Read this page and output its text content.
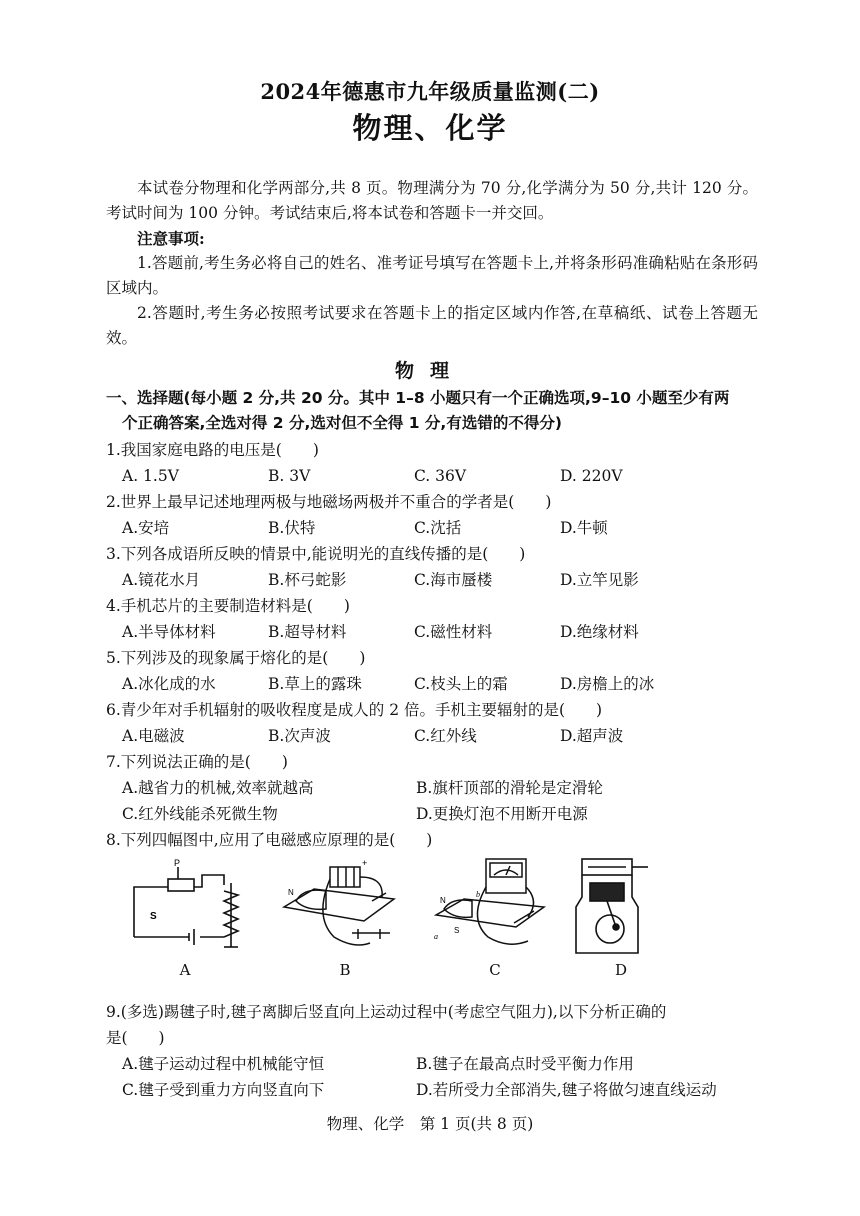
2024年德惠市九年级质量监测(二)
物理、化学

本试卷分物理和化学两部分,共 8 页。物理满分为 70 分,化学满分为 50 分,共计 120 分。考试时间为 100 分钟。考试结束后,将本试卷和答题卡一并交回。

注意事项:

1.答题前,考生务必将自己的姓名、准考证号填写在答题卡上,并将条形码准确粘贴在条形码区域内。

2.答题时,考生务必按照考试要求在答题卡上的指定区域内作答,在草稿纸、试卷上答题无效。

物理

一、选择题(每小题 2 分,共 20 分。其中 1–8 小题只有一个正确选项,9–10 小题至少有两

个正确答案,全选对得 2 分,选对但不全得 1 分,有选错的不得分)

1.我国家庭电路的电压是(　　)
A. 1.5V	B. 3V	C. 36V	D. 220V
2.世界上最早记述地理两极与地磁场两极并不重合的学者是(　　)
A.安培	B.伏特	C.沈括	D.牛顿
3.下列各成语所反映的情景中,能说明光的直线传播的是(　　)
A.镜花水月	B.杯弓蛇影	C.海市蜃楼	D.立竿见影
4.手机芯片的主要制造材料是(　　)
A.半导体材料	B.超导材料	C.磁性材料	D.绝缘材料
5.下列涉及的现象属于熔化的是(　　)
A.冰化成的水	B.草上的露珠	C.枝头上的霜	D.房檐上的冰
6.青少年对手机辐射的吸收程度是成人的 2 倍。手机主要辐射的是(　　)
A.电磁波	B.次声波	C.红外线	D.超声波
7.下列说法正确的是(　　)
A.越省力的机械,效率就越高	B.旗杆顶部的滑轮是定滑轮
C.红外线能杀死微生物	D.更换灯泡不用断开电源
8.下列四幅图中,应用了电磁感应原理的是(　　)
P
S
N
+
N
S
a
b
A	B	C	D
9.(多选)踢毽子时,毽子离脚后竖直向上运动过程中(考虑空气阻力),以下分析正确的
是(　　)
A.毽子运动过程中机械能守恒	B.毽子在最高点时受平衡力作用
C.毽子受到重力方向竖直向下	D.若所受力全部消失,毽子将做匀速直线运动
物理、化学　第 1 页(共 8 页)
